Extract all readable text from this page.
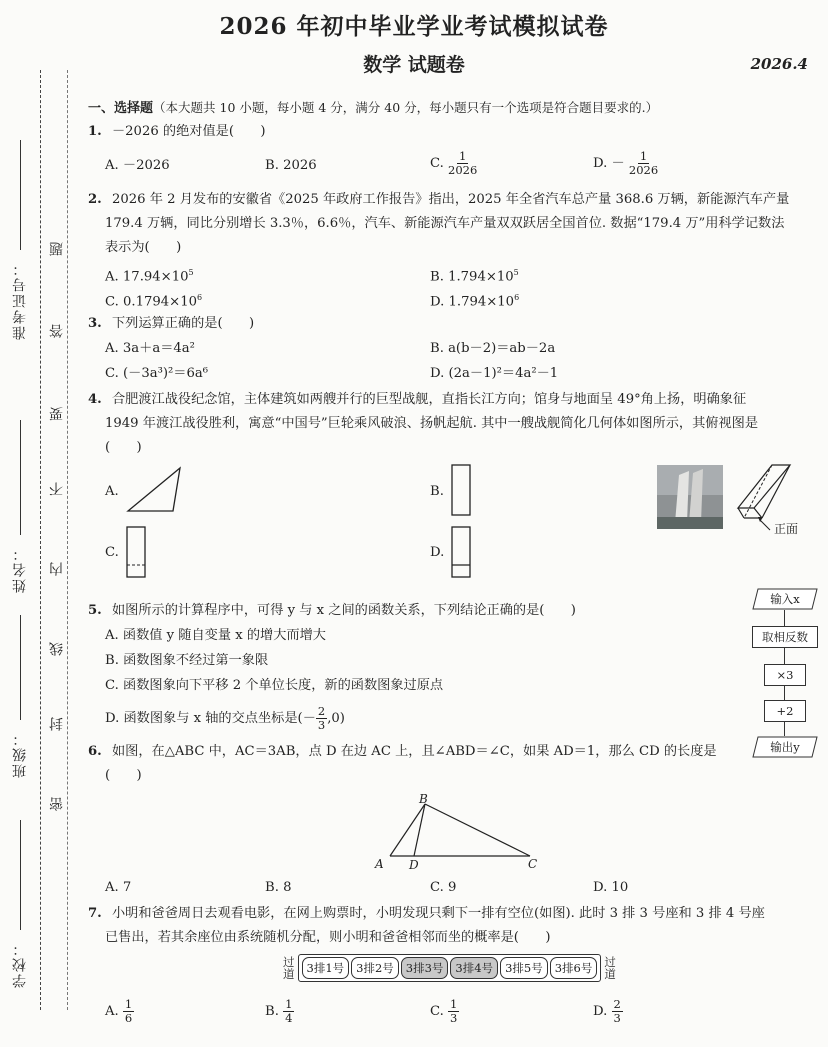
2026 年初中毕业学业考试模拟试卷
数学 试题卷	2026.4
准考证号：
姓名：
班级：
学校：
题
答
要
不
内
线
封
密
一、选择题（本大题共 10 小题，每小题 4 分，满分 40 分，每小题只有一个选项是符合题目要求的.）
1. －2026 的绝对值是(　　)
A. －2026	B. 2026	C. $\frac{1}{2026}$	D. － $\frac{1}{2026}$
2. 2026 年 2 月发布的安徽省《2025 年政府工作报告》指出，2025 年全省汽车总产量 368.6 万辆，新能源汽车产量
179.4 万辆，同比分别增长 3.3％，6.6％，汽车、新能源汽车产量双双跃居全国首位. 数据“179.4 万”用科学记数法
表示为(　　)
A. $17.94\times 10^5$	B. $1.794\times 10^5$
C. $0.1794\times 10^6$	D. $1.794\times 10^6$
3. 下列运算正确的是(　　)
A. 3a＋a＝4a²	B. a(b－2)＝ab－2a
C. (－3a³)²＝6a⁶	D. (2a－1)²＝4a²－1
4. 合肥渡江战役纪念馆，主体建筑如两艘并行的巨型战舰，直指长江方向；馆身与地面呈 49°角上扬，明确象征
1949 年渡江战役胜利，寓意“中国号”巨轮乘风破浪、扬帆起航. 其中一艘战舰简化几何体如图所示，其俯视图是
(　　)
A.	B.
C.	D.
正面
5. 如图所示的计算程序中，可得 y 与 x 之间的函数关系，下列结论正确的是(　　)
A. 函数值 y 随自变量 x 的增大而增大
B. 函数图象不经过第一象限
C. 函数图象向下平移 2 个单位长度，新的函数图象过原点
D. 函数图象与 x 轴的交点坐标是(－ $\frac{2}{3} ,0$)
输入x
取相反数
×3
+2
输出y
6. 如图，在△ABC 中，AC＝3AB，点 D 在边 AC 上，且∠ABD＝∠C，如果 AD＝1，那么 CD 的长度是
(　　)
B
A D	C
A. 7	B. 8	C. 9	D. 10
7. 小明和爸爸周日去观看电影，在网上购票时，小明发现只剩下一排有空位(如图). 此时 3 排 3 号座和 3 排 4 号座
已售出，若其余座位由系统随机分配，则小明和爸爸相邻而坐的概率是(　　)
过
道	3排1号	3排2号	3排3号	3排4号	3排5号	3排6号	过
道
A. $\frac{1}{6}$	B. $\frac{1}{4}$	C. $\frac{1}{3}$	D. $\frac{2}{3}$
